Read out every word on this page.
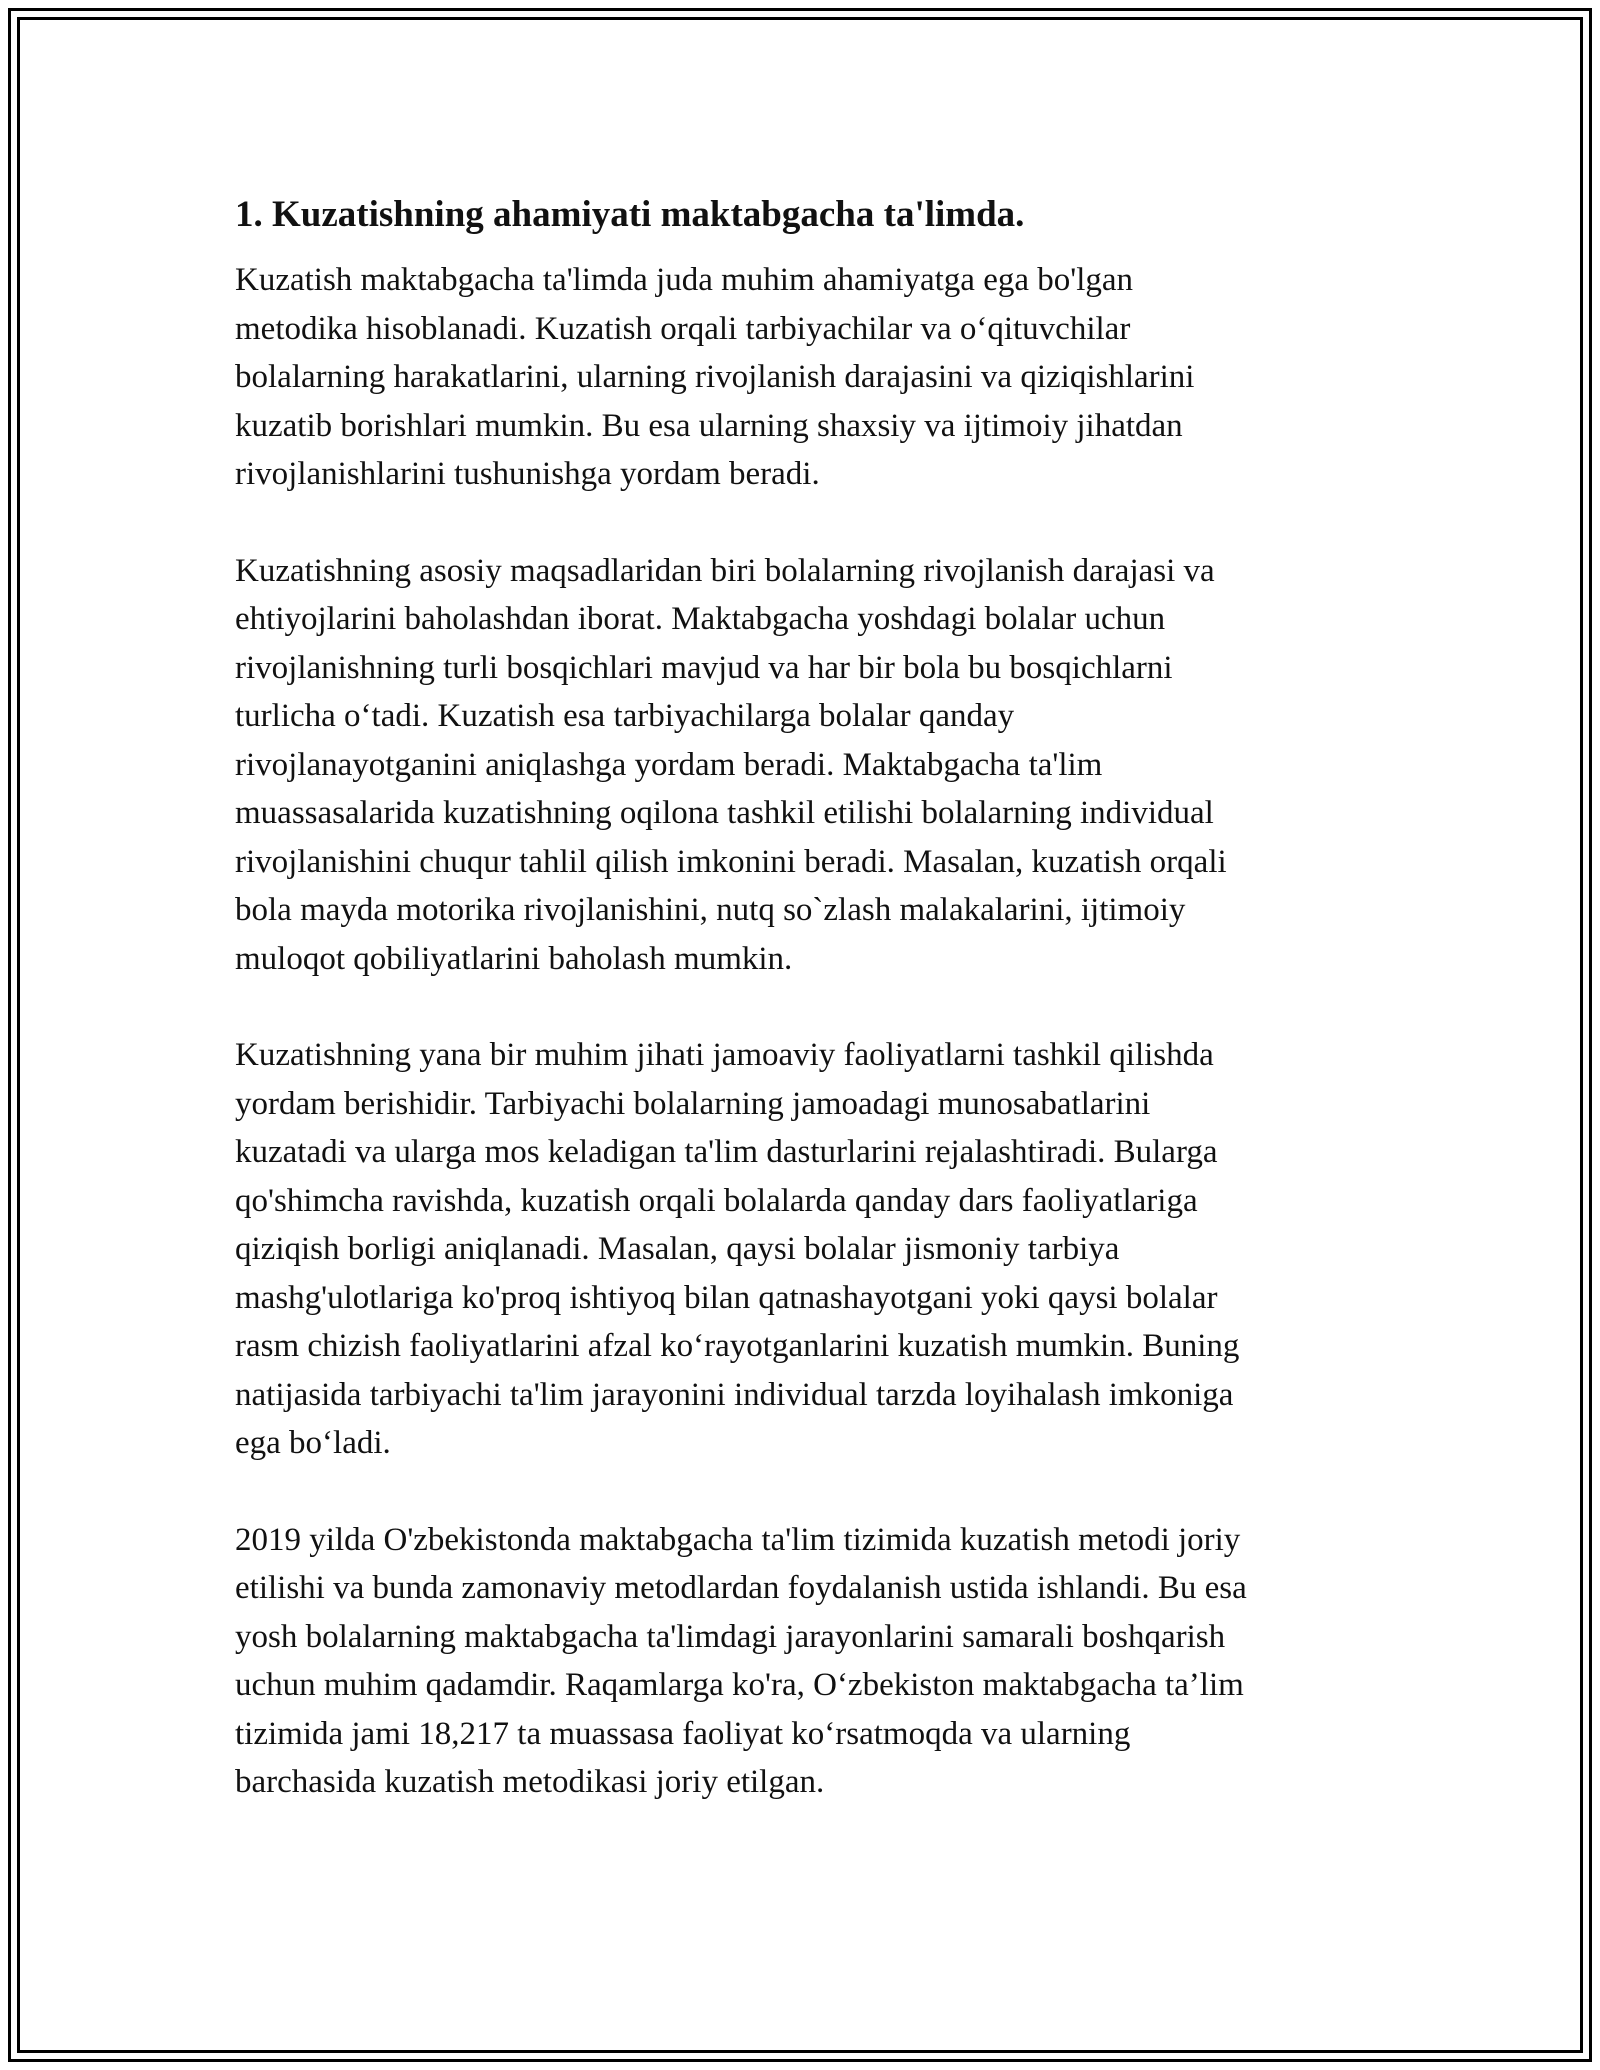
1. Kuzatishning ahamiyati maktabgacha ta'limda.
Kuzatish maktabgacha ta'limda juda muhim ahamiyatga ega bo'lgan
metodika hisoblanadi. Kuzatish orqali tarbiyachilar va o‘qituvchilar
bolalarning harakatlarini, ularning rivojlanish darajasini va qiziqishlarini
kuzatib borishlari mumkin. Bu esa ularning shaxsiy va ijtimoiy jihatdan
rivojlanishlarini tushunishga yordam beradi.
Kuzatishning asosiy maqsadlaridan biri bolalarning rivojlanish darajasi va
ehtiyojlarini baholashdan iborat. Maktabgacha yoshdagi bolalar uchun
rivojlanishning turli bosqichlari mavjud va har bir bola bu bosqichlarni
turlicha o‘tadi. Kuzatish esa tarbiyachilarga bolalar qanday
rivojlanayotganini aniqlashga yordam beradi. Maktabgacha ta'lim
muassasalarida kuzatishning oqilona tashkil etilishi bolalarning individual
rivojlanishini chuqur tahlil qilish imkonini beradi. Masalan, kuzatish orqali
bola mayda motorika rivojlanishini, nutq so`zlash malakalarini, ijtimoiy
muloqot qobiliyatlarini baholash mumkin.
Kuzatishning yana bir muhim jihati jamoaviy faoliyatlarni tashkil qilishda
yordam berishidir. Tarbiyachi bolalarning jamoadagi munosabatlarini
kuzatadi va ularga mos keladigan ta'lim dasturlarini rejalashtiradi. Bularga
qo'shimcha ravishda, kuzatish orqali bolalarda qanday dars faoliyatlariga
qiziqish borligi aniqlanadi. Masalan, qaysi bolalar jismoniy tarbiya
mashg'ulotlariga ko'proq ishtiyoq bilan qatnashayotgani yoki qaysi bolalar
rasm chizish faoliyatlarini afzal ko‘rayotganlarini kuzatish mumkin. Buning
natijasida tarbiyachi ta'lim jarayonini individual tarzda loyihalash imkoniga
ega bo‘ladi.
2019 yilda O'zbekistonda maktabgacha ta'lim tizimida kuzatish metodi joriy
etilishi va bunda zamonaviy metodlardan foydalanish ustida ishlandi. Bu esa
yosh bolalarning maktabgacha ta'limdagi jarayonlarini samarali boshqarish
uchun muhim qadamdir. Raqamlarga ko'ra, O‘zbekiston maktabgacha ta’lim
tizimida jami 18,217 ta muassasa faoliyat ko‘rsatmoqda va ularning
barchasida kuzatish metodikasi joriy etilgan.
